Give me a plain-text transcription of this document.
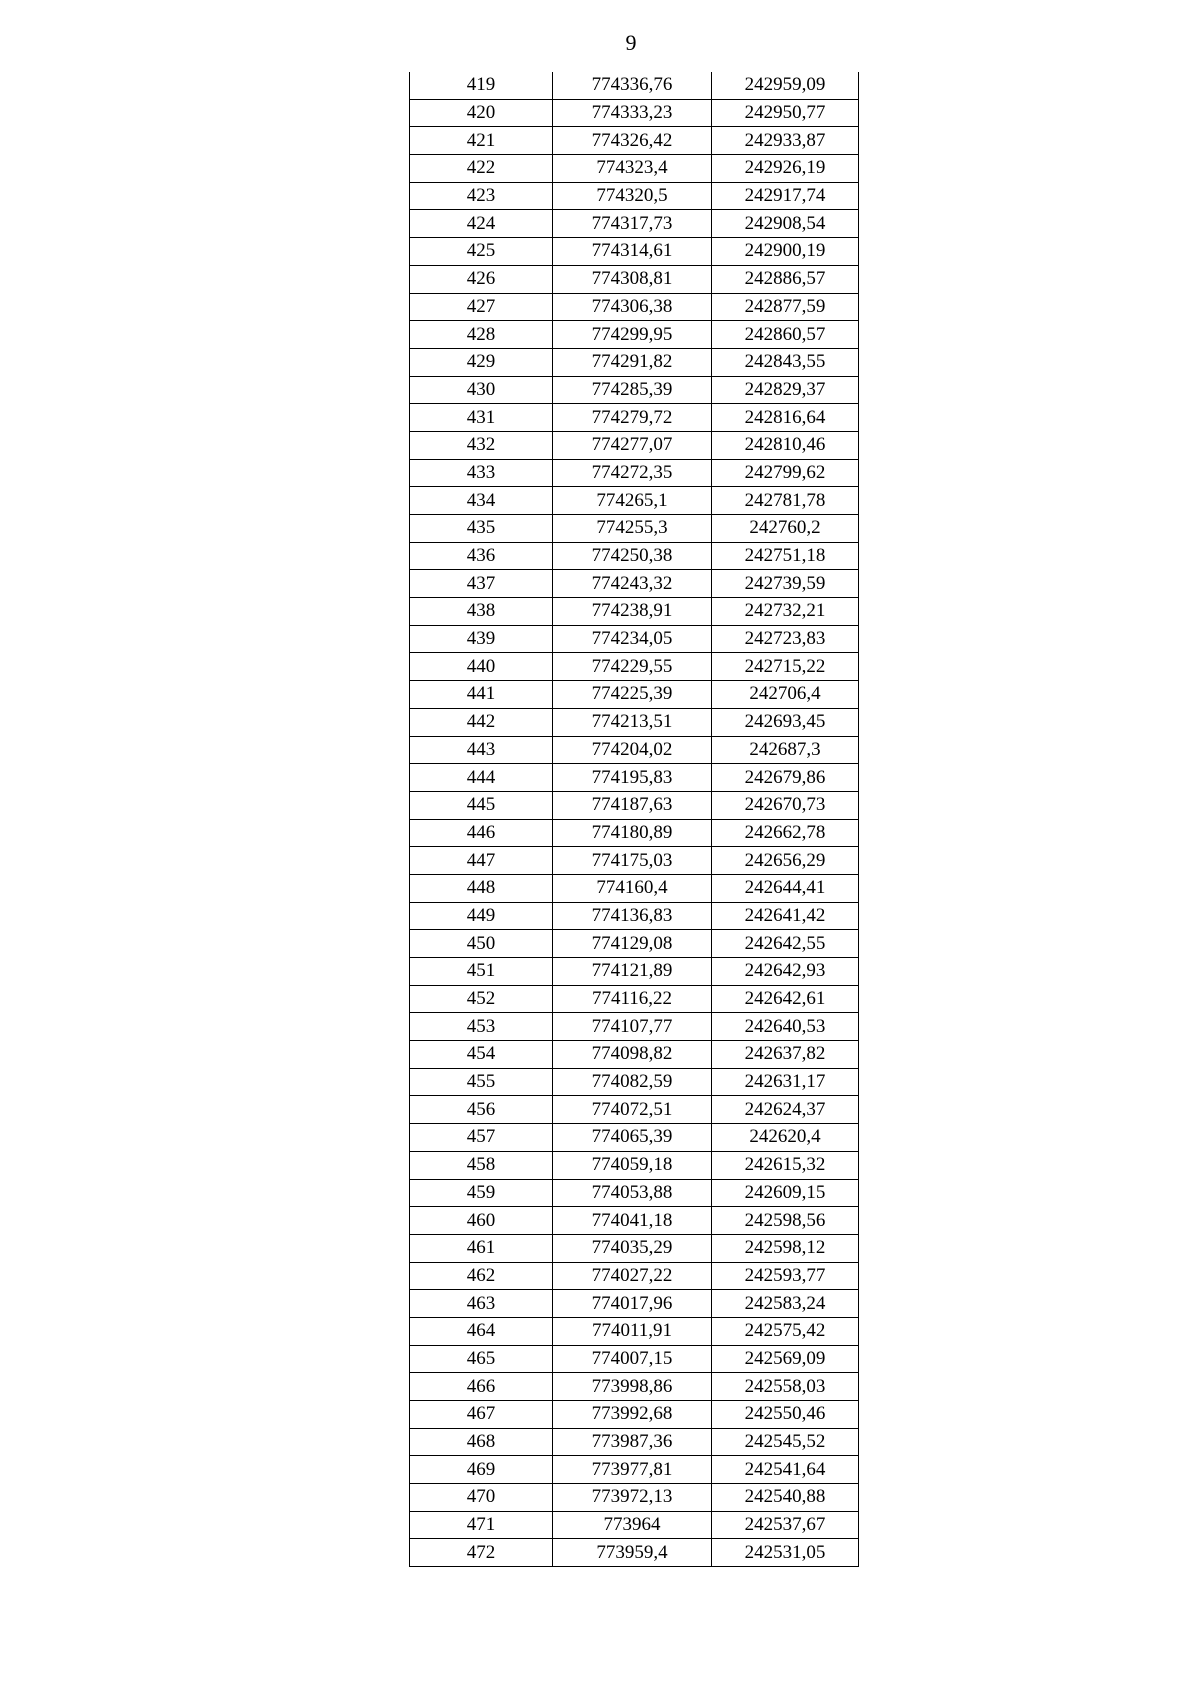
9
419	774336,76	242959,09
420	774333,23	242950,77
421	774326,42	242933,87
422	774323,4	242926,19
423	774320,5	242917,74
424	774317,73	242908,54
425	774314,61	242900,19
426	774308,81	242886,57
427	774306,38	242877,59
428	774299,95	242860,57
429	774291,82	242843,55
430	774285,39	242829,37
431	774279,72	242816,64
432	774277,07	242810,46
433	774272,35	242799,62
434	774265,1	242781,78
435	774255,3	242760,2
436	774250,38	242751,18
437	774243,32	242739,59
438	774238,91	242732,21
439	774234,05	242723,83
440	774229,55	242715,22
441	774225,39	242706,4
442	774213,51	242693,45
443	774204,02	242687,3
444	774195,83	242679,86
445	774187,63	242670,73
446	774180,89	242662,78
447	774175,03	242656,29
448	774160,4	242644,41
449	774136,83	242641,42
450	774129,08	242642,55
451	774121,89	242642,93
452	774116,22	242642,61
453	774107,77	242640,53
454	774098,82	242637,82
455	774082,59	242631,17
456	774072,51	242624,37
457	774065,39	242620,4
458	774059,18	242615,32
459	774053,88	242609,15
460	774041,18	242598,56
461	774035,29	242598,12
462	774027,22	242593,77
463	774017,96	242583,24
464	774011,91	242575,42
465	774007,15	242569,09
466	773998,86	242558,03
467	773992,68	242550,46
468	773987,36	242545,52
469	773977,81	242541,64
470	773972,13	242540,88
471	773964	242537,67
472	773959,4	242531,05
